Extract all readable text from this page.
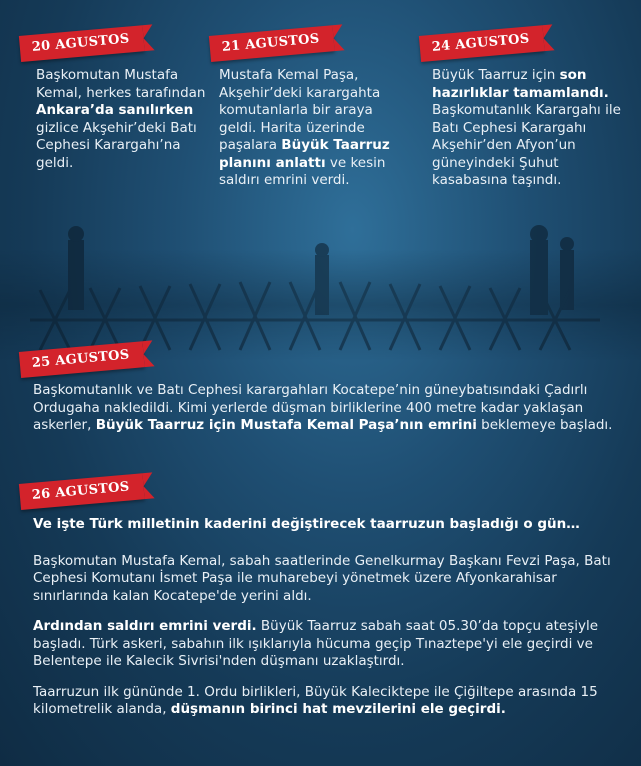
20 AGUSTOS
Başkomutan Mustafa Kemal, herkes tarafından Ankara’da sanılırken gizlice Akşehir’deki Batı Cephesi Karargahı’na geldi.
21 AGUSTOS
Mustafa Kemal Paşa, Akşehir’deki karargahta komutanlarla bir araya geldi. Harita üzerinde paşalara Büyük Taarruz planını anlattı ve kesin saldırı emrini verdi.
24 AGUSTOS
Büyük Taarruz için son hazırlıklar tamamlandı. Başkomutanlık Karargahı ile Batı Cephesi Karargahı Akşehir’den Afyon’un güneyindeki Şuhut kasabasına taşındı.
25 AGUSTOS
Başkomutanlık ve Batı Cephesi karargahları Kocatepe’nin güneybatısındaki Çadırlı Ordugaha nakledildi. Kimi yerlerde düşman birliklerine 400 metre kadar yaklaşan askerler, Büyük Taarruz için Mustafa Kemal Paşa’nın emrini beklemeye başladı.
26 AGUSTOS

Ve işte Türk milletinin kaderini değiştirecek taarruzun başladığı o gün…

Başkomutan Mustafa Kemal, sabah saatlerinde Genelkurmay Başkanı Fevzi Paşa, Batı Cephesi Komutanı İsmet Paşa ile muharebeyi yönetmek üzere Afyonkarahisar sınırlarında kalan Kocatepe'de yerini aldı.

Ardından saldırı emrini verdi. Büyük Taarruz sabah saat 05.30’da topçu ateşiyle başladı. Türk askeri, sabahın ilk ışıklarıyla hücuma geçip Tınaztepe'yi ele geçirdi ve Belentepe ile Kalecik Sivrisi'nden düşmanı uzaklaştırdı.

Taarruzun ilk gününde 1. Ordu birlikleri, Büyük Kaleciktepe ile Çiğiltepe arasında 15 kilometrelik alanda, düşmanın birinci hat mevzilerini ele geçirdi.
